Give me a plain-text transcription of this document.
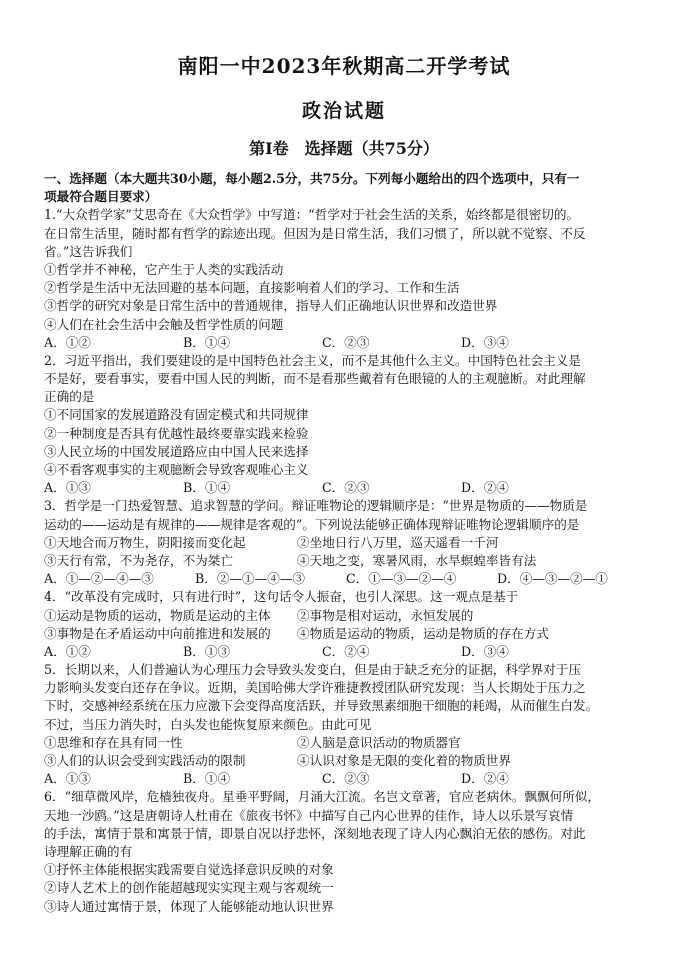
南阳一中2023年秋期高二开学考试
政治试题
第I卷　选择题（共75分）
一、选择题（本大题共30小题，每小题2.5分，共75分。下列每小题给出的四个选项中，只有一
项最符合题目要求）
1.“大众哲学家”艾思奇在《大众哲学》中写道：“哲学对于社会生活的关系，始终都是很密切的。
在日常生活里，随时都有哲学的踪迹出现。但因为是日常生活，我们习惯了，所以就不觉察、不反
省。”这告诉我们
①哲学并不神秘，它产生于人类的实践活动
②哲学是生活中无法回避的基本问题，直接影响着人们的学习、工作和生活
③哲学的研究对象是日常生活中的普通规律，指导人们正确地认识世界和改造世界
④人们在社会生活中会触及哲学性质的问题
A．①②	B．①④	C．②③	D．③④
2．习近平指出，我们要建设的是中国特色社会主义，而不是其他什么主义。中国特色社会主义是
不是好，要看事实，要看中国人民的判断，而不是看那些戴着有色眼镜的人的主观臆断。对此理解
正确的是
①不同国家的发展道路没有固定模式和共同规律
②一种制度是否具有优越性最终要靠实践来检验
③人民立场的中国发展道路应由中国人民来选择
④不看客观事实的主观臆断会导致客观唯心主义
A．①③	B．①④	C．②③	D．②④
3．哲学是一门热爱智慧、追求智慧的学问。辩证唯物论的逻辑顺序是：“世界是物质的——物质是
运动的——运动是有规律的——规律是客观的”。下列说法能够正确体现辩证唯物论逻辑顺序的是
①天地合而万物生，阴阳接而变化起	②坐地日行八万里，巡天遥看一千河
③天行有常，不为尧存，不为桀亡	④天地之变，寒暑风雨，水旱螟蝗率皆有法
A．①—②—④—③	B．②—①—④—③	C．①—③—②—④	D．④—③—②—①
4．“改革没有完成时，只有进行时”，这句话令人振奋，也引人深思。这一观点是基于
①运动是物质的运动，物质是运动的主体	②事物是相对运动，永恒发展的
③事物是在矛盾运动中向前推进和发展的	④物质是运动的物质，运动是物质的存在方式
A．①②	B．①③	C．②④	D．③④
5．长期以来，人们普遍认为心理压力会导致头发变白，但是由于缺乏充分的证据，科学界对于压
力影响头发变白还存在争议。近期，美国哈佛大学许雅捷教授团队研究发现：当人长期处于压力之
下时，交感神经系统在压力应激下会变得高度活跃，并导致黑素细胞干细胞的耗竭，从而催生白发。
不过，当压力消失时，白头发也能恢复原来颜色。由此可见
①思维和存在具有同一性	②人脑是意识活动的物质器官
③人们的认识会受到实践活动的限制	④认识对象是无限的变化着的物质世界
A．①③	B．①④	C．②③	D．②④
6．“细草微风岸，危樯独夜舟。星垂平野阔，月涌大江流。名岂文章著，官应老病休。飘飘何所似，
天地一沙鸥。”这是唐朝诗人杜甫在《旅夜书怀》中描写自己内心世界的佳作，诗人以乐景写哀情
的手法，寓情于景和寓景于情，即景自况以抒悲怀，深刻地表现了诗人内心飘泊无依的感伤。对此
诗理解正确的有
①抒怀主体能根据实践需要自觉选择意识反映的对象
②诗人艺术上的创作能超越现实实现主观与客观统一
③诗人通过寓情于景，体现了人能够能动地认识世界
